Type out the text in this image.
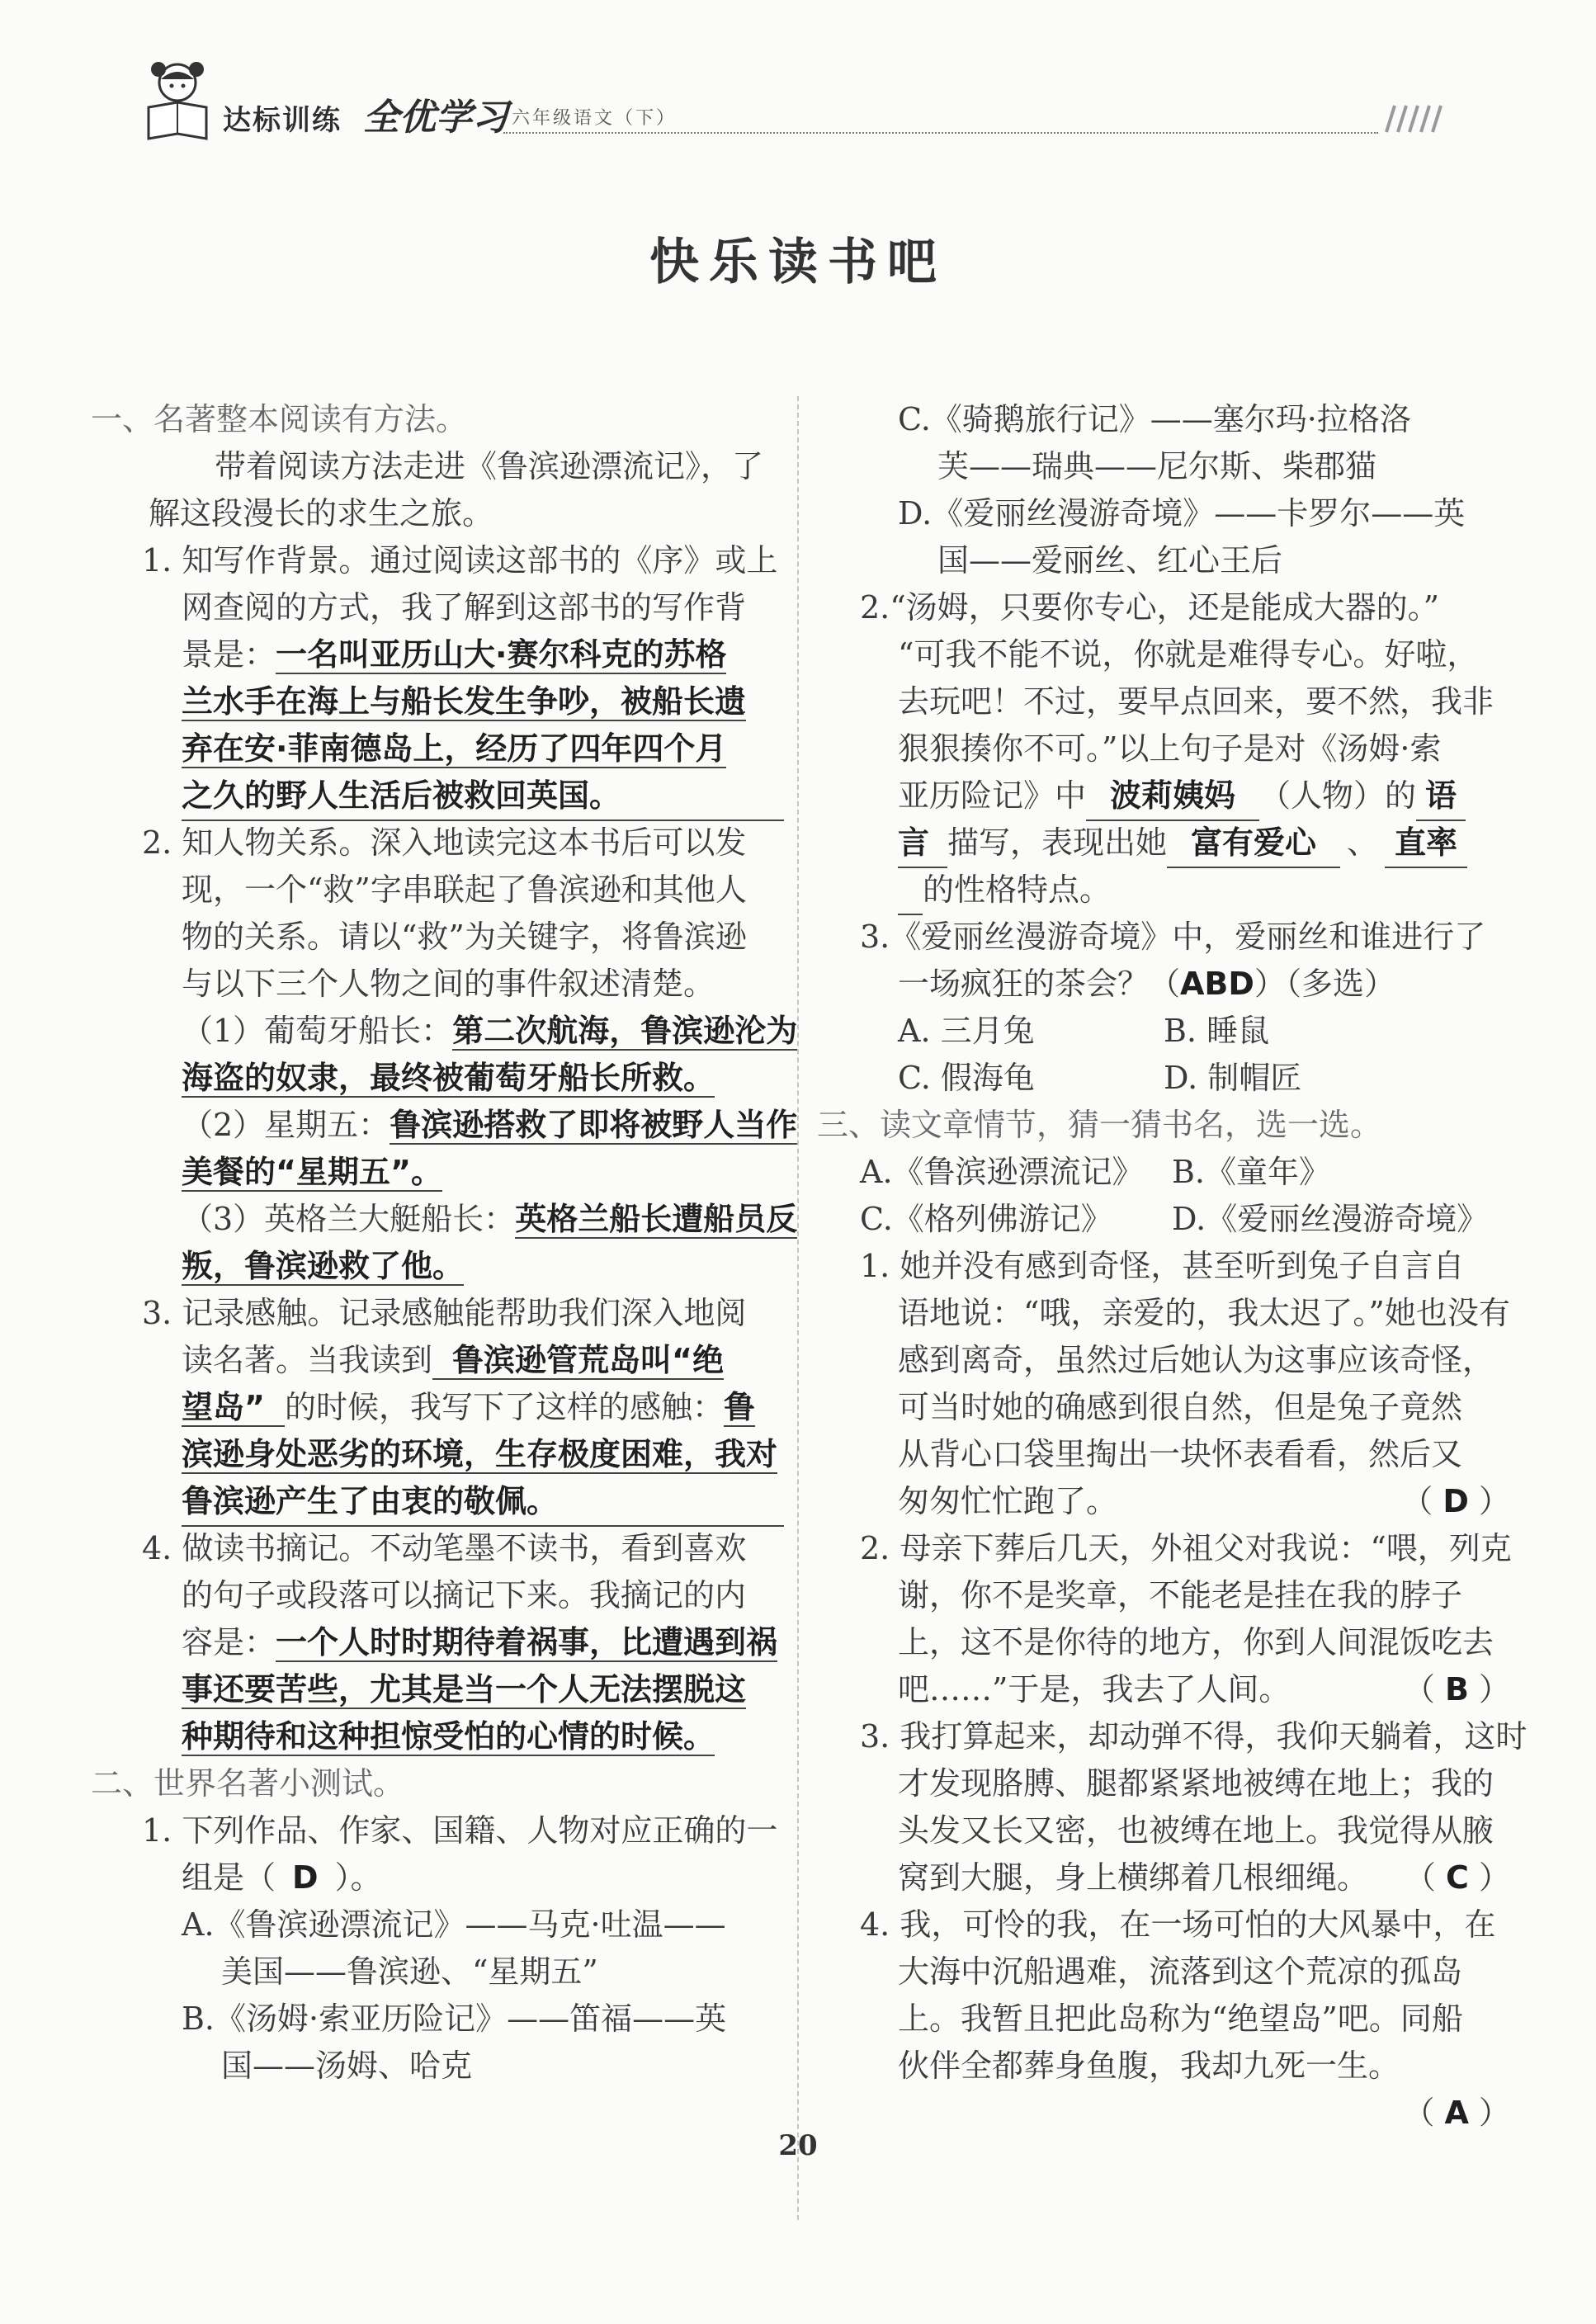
达标训练 全优学习 六年级语文（下）
快乐读书吧
一、名著整本阅读有方法。
带着阅读方法走进《鲁滨逊漂流记》，了
解这段漫长的求生之旅。
1. 知写作背景。通过阅读这部书的《序》或上
网查阅的方式，我了解到这部书的写作背
景是：一名叫亚历山大·赛尔科克的苏格
兰水手在海上与船长发生争吵，被船长遗
弃在安·菲南德岛上，经历了四年四个月
之久的野人生活后被救回英国。
2. 知人物关系。深入地读完这本书后可以发
现，一个“救”字串联起了鲁滨逊和其他人
物的关系。请以“救”为关键字，将鲁滨逊
与以下三个人物之间的事件叙述清楚。
（1）葡萄牙船长：第二次航海，鲁滨逊沦为
海盗的奴隶，最终被葡萄牙船长所救。
（2）星期五：鲁滨逊搭救了即将被野人当作
美餐的“星期五”。
（3）英格兰大艇船长：英格兰船长遭船员反
叛，鲁滨逊救了他。
3. 记录感触。记录感触能帮助我们深入地阅
读名著。当我读到 鲁滨逊管荒岛叫“绝
望岛” 的时候，我写下了这样的感触：鲁
滨逊身处恶劣的环境，生存极度困难，我对
鲁滨逊产生了由衷的敬佩。
4. 做读书摘记。不动笔墨不读书，看到喜欢
的句子或段落可以摘记下来。我摘记的内
容是：一个人时时期待着祸事，比遭遇到祸
事还要苦些，尤其是当一个人无法摆脱这
种期待和这种担惊受怕的心情的时候。
二、世界名著小测试。
1. 下列作品、作家、国籍、人物对应正确的一
组是（ D ）。
A.《鲁滨逊漂流记》——马克·吐温——
美国——鲁滨逊、“星期五”
B.《汤姆·索亚历险记》——笛福——英
国——汤姆、哈克
C.《骑鹅旅行记》——塞尔玛·拉格洛
芙——瑞典——尼尔斯、柴郡猫
D.《爱丽丝漫游奇境》——卡罗尔——英
国——爱丽丝、红心王后
2.“汤姆，只要你专心，还是能成大器的。”
“可我不能不说，你就是难得专心。好啦，
去玩吧！不过，要早点回来，要不然，我非
狠狠揍你不可。”以上句子是对《汤姆·索
亚历险记》中 波莉姨妈 （人物）的 语
言 描写，表现出她 富有爱心 、 直率
的性格特点。
3.《爱丽丝漫游奇境》中，爱丽丝和谁进行了
一场疯狂的茶会？（ABD）（多选）
A. 三月兔	B. 睡鼠
C. 假海龟	D. 制帽匠
三、读文章情节，猜一猜书名，选一选。
A.《鲁滨逊漂流记》 B.《童年》
C.《格列佛游记》 D.《爱丽丝漫游奇境》
1. 她并没有感到奇怪，甚至听到兔子自言自
语地说：“哦，亲爱的，我太迟了。”她也没有
感到离奇，虽然过后她认为这事应该奇怪，
可当时她的确感到很自然，但是兔子竟然
从背心口袋里掏出一块怀表看看，然后又
匆匆忙忙跑了。	（ D ）
2. 母亲下葬后几天，外祖父对我说：“喂，列克
谢，你不是奖章，不能老是挂在我的脖子
上，这不是你待的地方，你到人间混饭吃去
吧……”于是，我去了人间。	（ B ）
3. 我打算起来，却动弹不得，我仰天躺着，这时
才发现胳膊、腿都紧紧地被缚在地上；我的
头发又长又密，也被缚在地上。我觉得从腋
窝到大腿，身上横绑着几根细绳。 （ C ）
4. 我，可怜的我，在一场可怕的大风暴中，在
大海中沉船遇难，流落到这个荒凉的孤岛
上。我暂且把此岛称为“绝望岛”吧。同船
伙伴全都葬身鱼腹，我却九死一生。
（ A ）
20
